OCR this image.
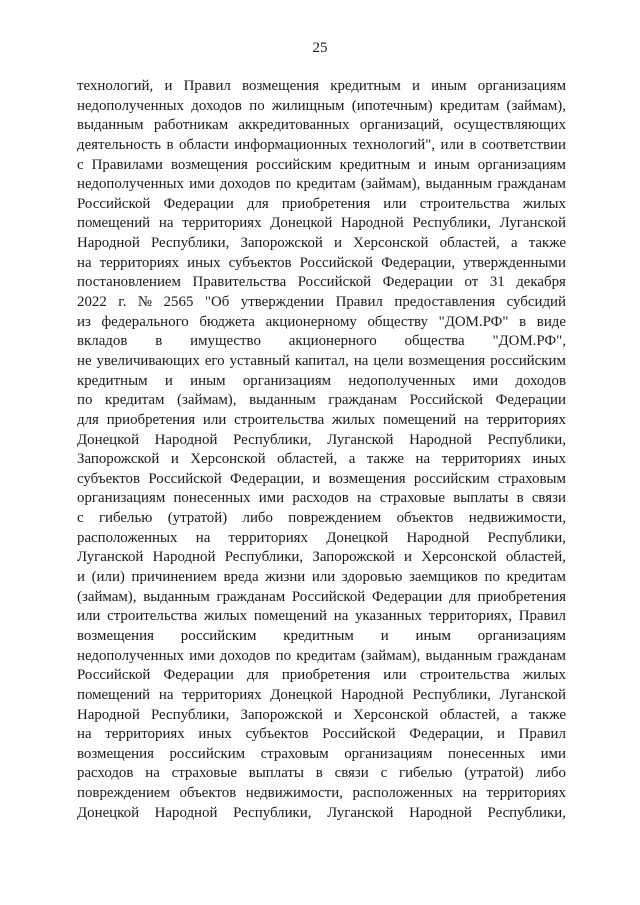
25
технологий, и Правил возмещения кредитным и иным организациям
недополученных доходов по жилищным (ипотечным) кредитам (займам),
выданным работникам аккредитованных организаций, осуществляющих
деятельность в области информационных технологий", или в соответствии
с Правилами возмещения российским кредитным и иным организациям
недополученных ими доходов по кредитам (займам), выданным гражданам
Российской Федерации для приобретения или строительства жилых
помещений на территориях Донецкой Народной Республики, Луганской
Народной Республики, Запорожской и Херсонской областей, а также
на территориях иных субъектов Российской Федерации, утвержденными
постановлением Правительства Российской Федерации от 31 декабря
2022 г. № 2565 "Об утверждении Правил предоставления субсидий
из федерального бюджета акционерному обществу "ДОМ.РФ" в виде
вкладов в имущество акционерного общества "ДОМ.РФ",
не увеличивающих его уставный капитал, на цели возмещения российским
кредитным и иным организациям недополученных ими доходов
по кредитам (займам), выданным гражданам Российской Федерации
для приобретения или строительства жилых помещений на территориях
Донецкой Народной Республики, Луганской Народной Республики,
Запорожской и Херсонской областей, а также на территориях иных
субъектов Российской Федерации, и возмещения российским страховым
организациям понесенных ими расходов на страховые выплаты в связи
с гибелью (утратой) либо повреждением объектов недвижимости,
расположенных на территориях Донецкой Народной Республики,
Луганской Народной Республики, Запорожской и Херсонской областей,
и (или) причинением вреда жизни или здоровью заемщиков по кредитам
(займам), выданным гражданам Российской Федерации для приобретения
или строительства жилых помещений на указанных территориях, Правил
возмещения российским кредитным и иным организациям
недополученных ими доходов по кредитам (займам), выданным гражданам
Российской Федерации для приобретения или строительства жилых
помещений на территориях Донецкой Народной Республики, Луганской
Народной Республики, Запорожской и Херсонской областей, а также
на территориях иных субъектов Российской Федерации, и Правил
возмещения российским страховым организациям понесенных ими
расходов на страховые выплаты в связи с гибелью (утратой) либо
повреждением объектов недвижимости, расположенных на территориях
Донецкой Народной Республики, Луганской Народной Республики,
